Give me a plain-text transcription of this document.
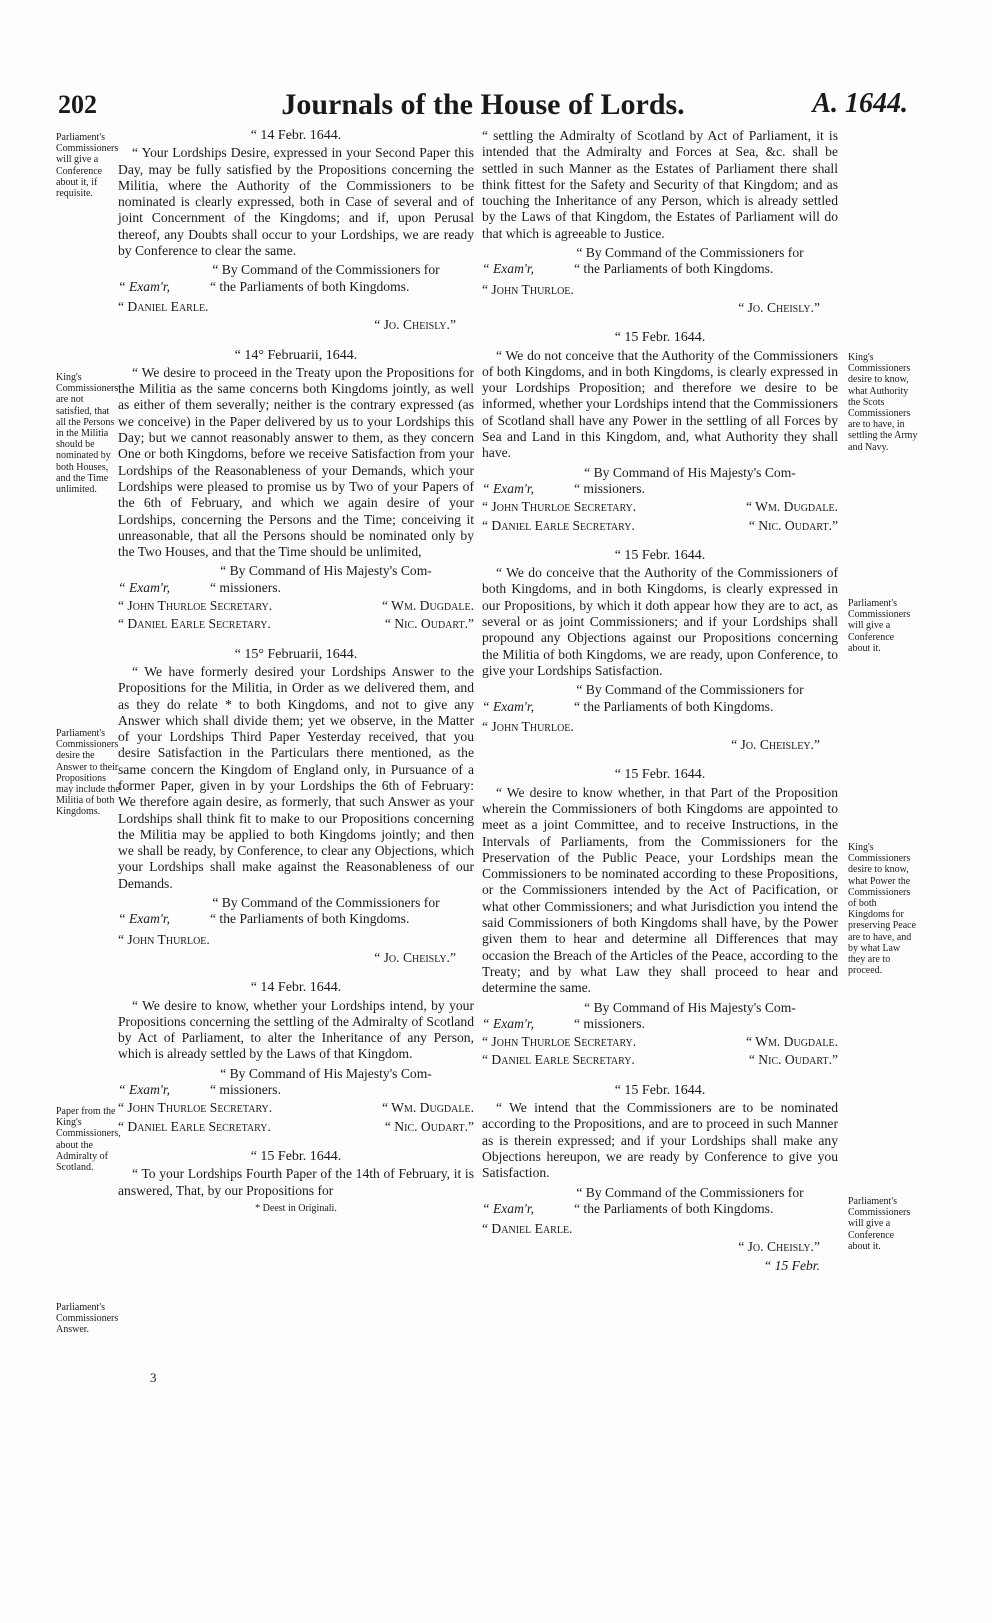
202	Journals of the House of Lords.	A. 1644.
Parliament's Commissioners will give a Conference about it, if requisite.
King's Commissioners are not satisfied, that all the Persons in the Militia should be nominated by both Houses, and the Time unlimited.
Parliament's Commissioners desire the Answer to their Propositions may include the Militia of both Kingdoms.
Paper from the King's Commissioners, about the Admiralty of Scotland.
Parliament's Commissioners Answer.
King's Commissioners desire to know, what Authority the Scots Commissioners are to have, in settling the Army and Navy.
Parliament's Commissioners will give a Conference about it.
King's Commissioners desire to know, what Power the Commissioners of both Kingdoms for preserving Peace are to have, and by what Law they are to proceed.
Parliament's Commissioners will give a Conference about it.
“ 14 Febr. 1644.
“ Your Lordships Desire, expressed in your Second Paper this Day, may be fully satisfied by the Propositions concerning the Militia, where the Authority of the Commissioners to be nominated is clearly expressed, both in Case of several and of joint Concernment of the Kingdoms; and if, upon Perusal thereof, any Doubts shall occur to your Lordships, we are ready by Conference to clear the same.
“ By Command of the Commissioners for
“ Exam'r,	“ the Parliaments of both Kingdoms.
“ Daniel Earle.
“ Jo. Cheisly.”
“ 14° Februarii, 1644.
“ We desire to proceed in the Treaty upon the Propositions for the Militia as the same concerns both Kingdoms jointly, as well as either of them severally; neither is the contrary expressed (as we conceive) in the Paper delivered by us to your Lordships this Day; but we cannot reasonably answer to them, as they concern One or both Kingdoms, before we receive Satisfaction from your Lordships of the Reasonableness of your Demands, which your Lordships were pleased to promise us by Two of your Papers of the 6th of February, and which we again desire of your Lordships, concerning the Persons and the Time; conceiving it unreasonable, that all the Persons should be nominated only by the Two Houses, and that the Time should be unlimited,
“ By Command of His Majesty's Com-
“ Exam'r,	“ missioners.
“ John Thurloe Secretary.	“ Wm. Dugdale.
“ Daniel Earle Secretary.	“ Nic. Oudart.”
“ 15° Februarii, 1644.
“ We have formerly desired your Lordships Answer to the Propositions for the Militia, in Order as we delivered them, and as they do relate * to both Kingdoms, and not to give any Answer which shall divide them; yet we observe, in the Matter of your Lordships Third Paper Yesterday received, that you desire Satisfaction in the Particulars there mentioned, as the same concern the Kingdom of England only, in Pursuance of a former Paper, given in by your Lordships the 6th of February: We therefore again desire, as formerly, that such Answer as your Lordships shall think fit to make to our Propositions concerning the Militia may be applied to both Kingdoms jointly; and then we shall be ready, by Conference, to clear any Objections, which your Lordships shall make against the Reasonableness of our Demands.
“ By Command of the Commissioners for
“ Exam'r,	“ the Parliaments of both Kingdoms.
“ John Thurloe.
“ Jo. Cheisly.”
“ 14 Febr. 1644.
“ We desire to know, whether your Lordships intend, by your Propositions concerning the settling of the Admiralty of Scotland by Act of Parliament, to alter the Inheritance of any Person, which is already settled by the Laws of that Kingdom.
“ By Command of His Majesty's Com-
“ Exam'r,	“ missioners.
“ John Thurloe Secretary.	“ Wm. Dugdale.
“ Daniel Earle Secretary.	“ Nic. Oudart.”
“ 15 Febr. 1644.
“ To your Lordships Fourth Paper of the 14th of February, it is answered, That, by our Propositions for
* Deest in Originali.
“ settling the Admiralty of Scotland by Act of Parliament, it is intended that the Admiralty and Forces at Sea, &c. shall be settled in such Manner as the Estates of Parliament there shall think fittest for the Safety and Security of that Kingdom; and as touching the Inheritance of any Person, which is already settled by the Laws of that Kingdom, the Estates of Parliament will do that which is agreeable to Justice.
“ By Command of the Commissioners for
“ Exam'r,	“ the Parliaments of both Kingdoms.
“ John Thurloe.
“ Jo. Cheisly.”
“ 15 Febr. 1644.
“ We do not conceive that the Authority of the Commissioners of both Kingdoms, and in both Kingdoms, is clearly expressed in your Lordships Proposition; and therefore we desire to be informed, whether your Lordships intend that the Commissioners of Scotland shall have any Power in the settling of all Forces by Sea and Land in this Kingdom, and, what Authority they shall have.
“ By Command of His Majesty's Com-
“ Exam'r,	“ missioners.
“ John Thurloe Secretary.	“ Wm. Dugdale.
“ Daniel Earle Secretary.	“ Nic. Oudart.”
“ 15 Febr. 1644.
“ We do conceive that the Authority of the Commissioners of both Kingdoms, and in both Kingdoms, is clearly expressed in our Propositions, by which it doth appear how they are to act, as several or as joint Commissioners; and if your Lordships shall propound any Objections against our Propositions concerning the Militia of both Kingdoms, we are ready, upon Conference, to give your Lordships Satisfaction.
“ By Command of the Commissioners for
“ Exam'r,	“ the Parliaments of both Kingdoms.
“ John Thurloe.
“ Jo. Cheisley.”
“ 15 Febr. 1644.
“ We desire to know whether, in that Part of the Proposition wherein the Commissioners of both Kingdoms are appointed to meet as a joint Committee, and to receive Instructions, in the Intervals of Parliaments, from the Commissioners for the Preservation of the Public Peace, your Lordships mean the Commissioners to be nominated according to these Propositions, or the Commissioners intended by the Act of Pacification, or what other Commissioners; and what Jurisdiction you intend the said Commissioners of both Kingdoms shall have, by the Power given them to hear and determine all Differences that may occasion the Breach of the Articles of the Peace, according to the Treaty; and by what Law they shall proceed to hear and determine the same.
“ By Command of His Majesty's Com-
“ Exam'r,	“ missioners.
“ John Thurloe Secretary.	“ Wm. Dugdale.
“ Daniel Earle Secretary.	“ Nic. Oudart.”
“ 15 Febr. 1644.
“ We intend that the Commissioners are to be nominated according to the Propositions, and are to proceed in such Manner as is therein expressed; and if your Lordships shall make any Objections hereupon, we are ready by Conference to give you Satisfaction.
“ By Command of the Commissioners for
“ Exam'r,	“ the Parliaments of both Kingdoms.
“ Daniel Earle.
“ Jo. Cheisly.”
“ 15 Febr.
3
